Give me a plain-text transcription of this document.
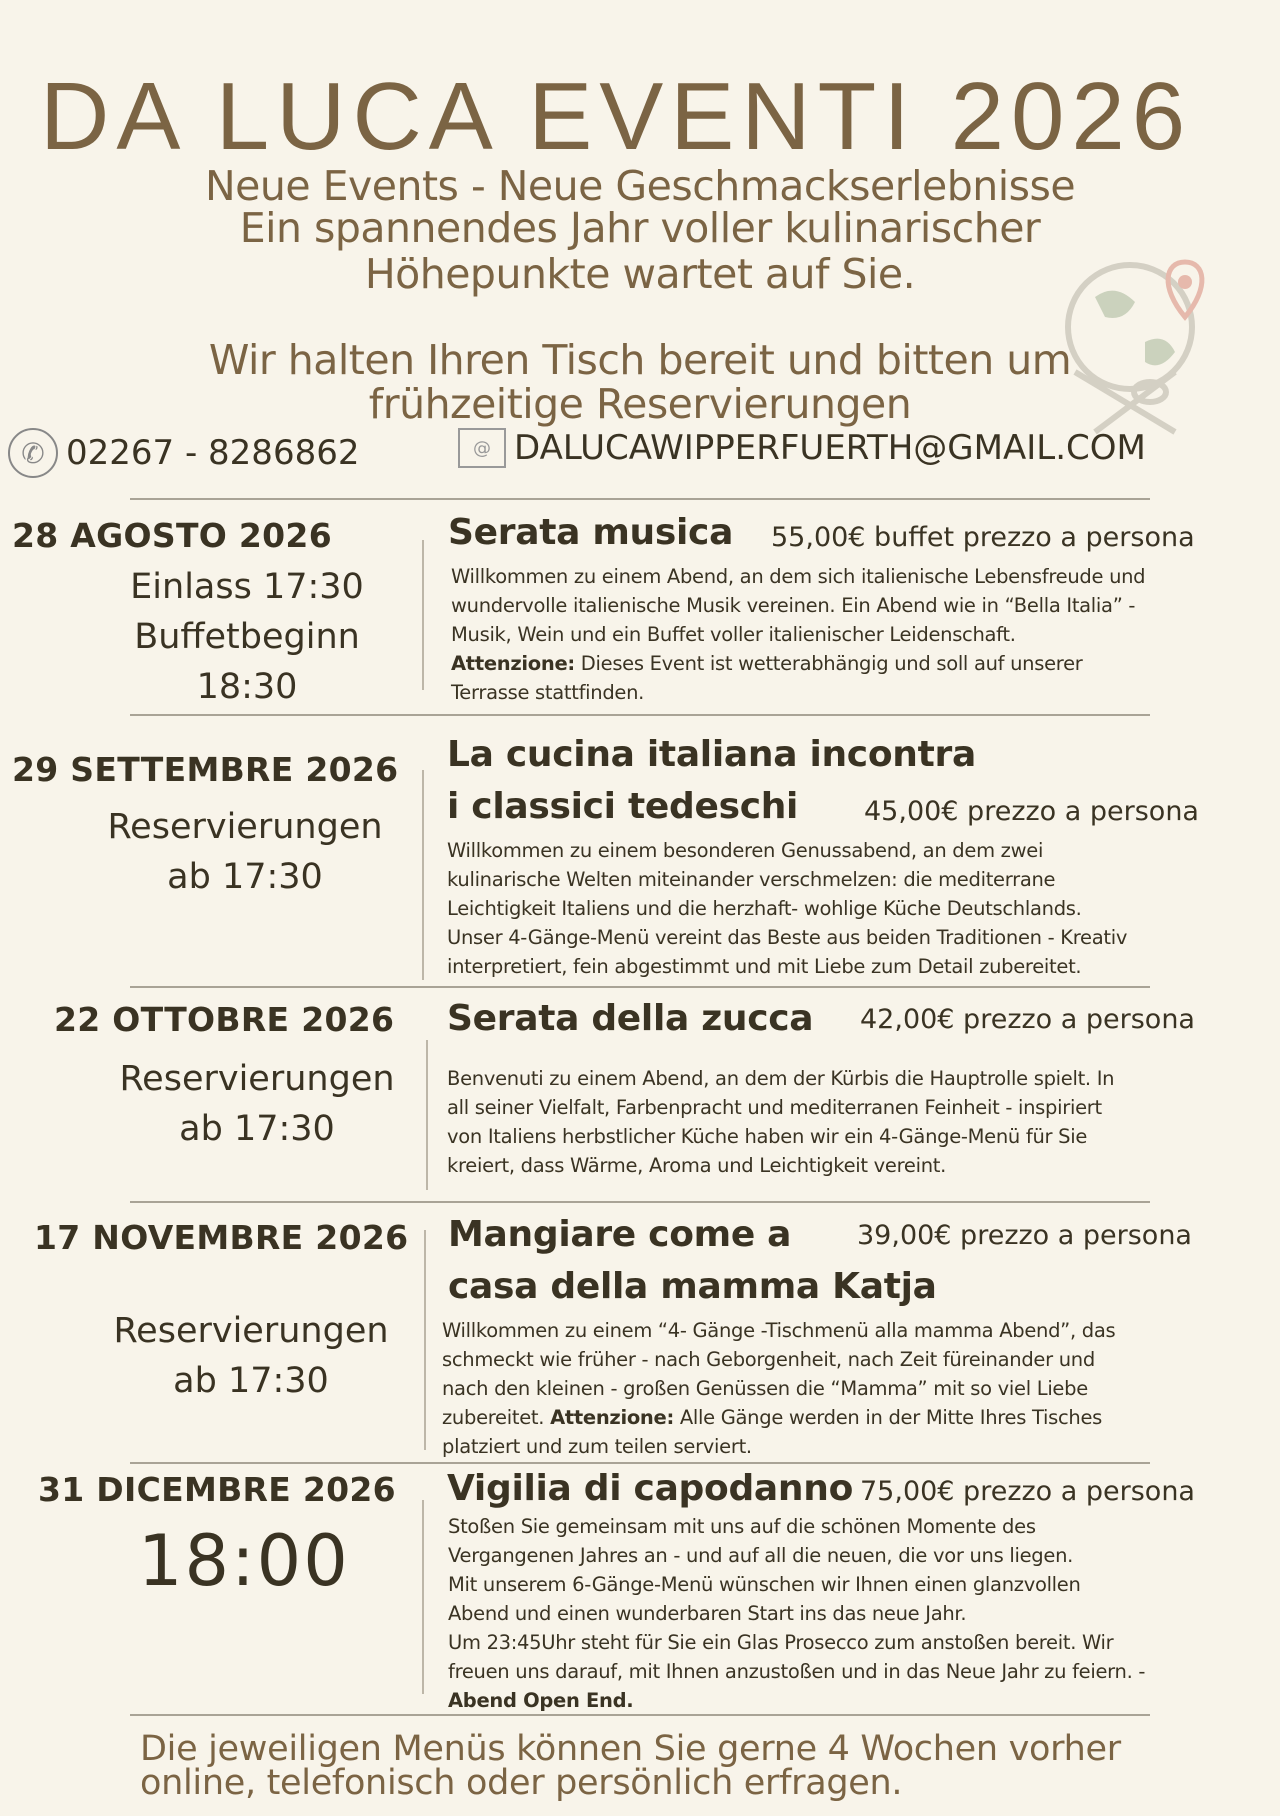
DA LUCA EVENTI 2026
Neue Events - Neue Geschmackserlebnisse
Ein spannendes Jahr voller kulinarischer
Höhepunkte wartet auf Sie.
Wir halten Ihren Tisch bereit und bitten um
frühzeitige Reservierungen
✆ 02267 - 8286862	@ DALUCAWIPPERFUERTH@GMAIL.COM
28 AGOSTO 2026
Einlass 17:30
Buffetbeginn
18:30
Serata musica 55,00€ buffet prezzo a persona
Willkommen zu einem Abend, an dem sich italienische Lebensfreude und
wundervolle italienische Musik vereinen. Ein Abend wie in “Bella Italia” -
Musik, Wein und ein Buffet voller italienischer Leidenschaft.
Attenzione: Dieses Event ist wetterabhängig und soll auf unserer
Terrasse stattfinden.
29 SETTEMBRE 2026
Reservierungen
ab 17:30
La cucina italiana incontra
i classici tedeschi 45,00€ prezzo a persona
Willkommen zu einem besonderen Genussabend, an dem zwei
kulinarische Welten miteinander verschmelzen: die mediterrane
Leichtigkeit Italiens und die herzhaft- wohlige Küche Deutschlands.
Unser 4-Gänge-Menü vereint das Beste aus beiden Traditionen - Kreativ
interpretiert, fein abgestimmt und mit Liebe zum Detail zubereitet.
22 OTTOBRE 2026
Reservierungen
ab 17:30
Serata della zucca 42,00€ prezzo a persona
Benvenuti zu einem Abend, an dem der Kürbis die Hauptrolle spielt. In
all seiner Vielfalt, Farbenpracht und mediterranen Feinheit - inspiriert
von Italiens herbstlicher Küche haben wir ein 4-Gänge-Menü für Sie
kreiert, dass Wärme, Aroma und Leichtigkeit vereint.
17 NOVEMBRE 2026
Reservierungen
ab 17:30
Mangiare come a
casa della mamma Katja
39,00€ prezzo a persona
Willkommen zu einem “4- Gänge -Tischmenü alla mamma Abend”, das
schmeckt wie früher - nach Geborgenheit, nach Zeit füreinander und
nach den kleinen - großen Genüssen die “Mamma” mit so viel Liebe
zubereitet. Attenzione: Alle Gänge werden in der Mitte Ihres Tisches
platziert und zum teilen serviert.
31 DICEMBRE 2026
18:00
Vigilia di capodanno 75,00€ prezzo a persona
Stoßen Sie gemeinsam mit uns auf die schönen Momente des
Vergangenen Jahres an - und auf all die neuen, die vor uns liegen.
Mit unserem 6-Gänge-Menü wünschen wir Ihnen einen glanzvollen
Abend und einen wunderbaren Start ins das neue Jahr.
Um 23:45Uhr steht für Sie ein Glas Prosecco zum anstoßen bereit. Wir
freuen uns darauf, mit Ihnen anzustoßen und in das Neue Jahr zu feiern. -
Abend Open End.
Die jeweiligen Menüs können Sie gerne 4 Wochen vorher
online, telefonisch oder persönlich erfragen.
